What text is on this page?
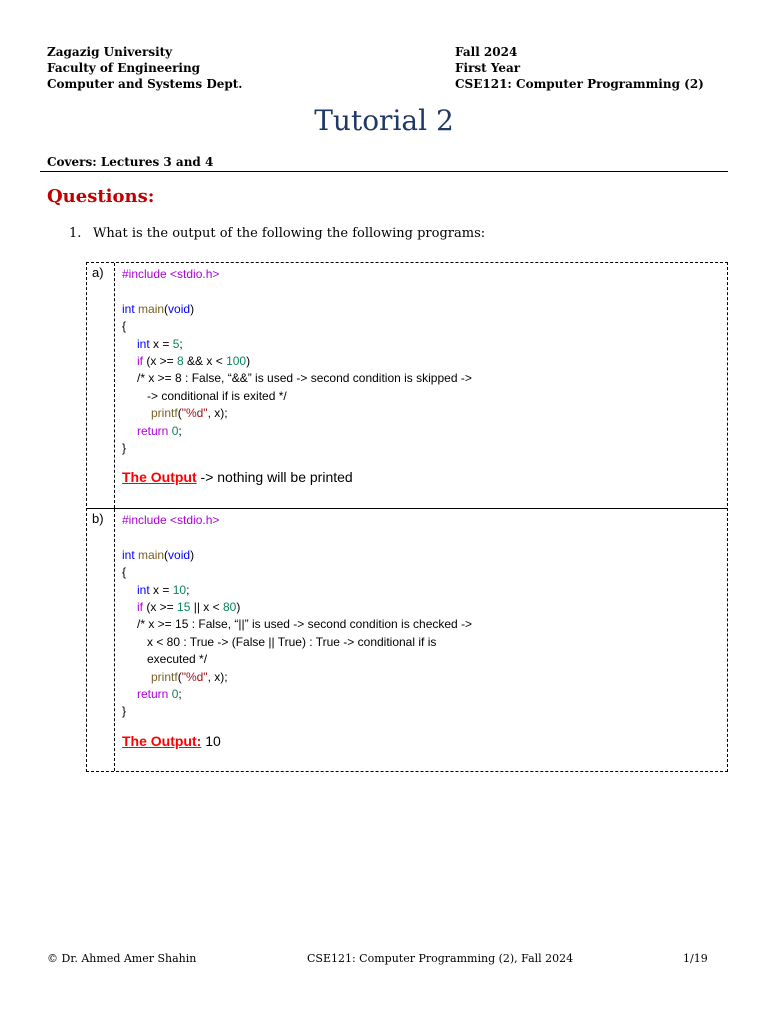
Zagazig University
Faculty of Engineering
Computer and Systems Dept.
Fall 2024
First Year
CSE121: Computer Programming (2)
Tutorial 2
Covers: Lectures 3 and 4
Questions:
1. What is the output of the following the following programs:
a)	#include <stdio.h>
int main(void)
{
int x = 5;
if (x >= 8 && x < 100)
/* x >= 8 : False, “&&” is used -> second condition is skipped ->
-> conditional if is exited */
printf("%d", x);
return 0;
}
The Output -> nothing will be printed
b)	#include <stdio.h>
int main(void)
{
int x = 10;
if (x >= 15 || x < 80)
/* x >= 15 : False, “||” is used -> second condition is checked ->
x < 80 : True -> (False || True) : True -> conditional if is
executed */
printf("%d", x);
return 0;
}
The Output: 10
© Dr. Ahmed Amer Shahin	CSE121: Computer Programming (2), Fall 2024	1/19
